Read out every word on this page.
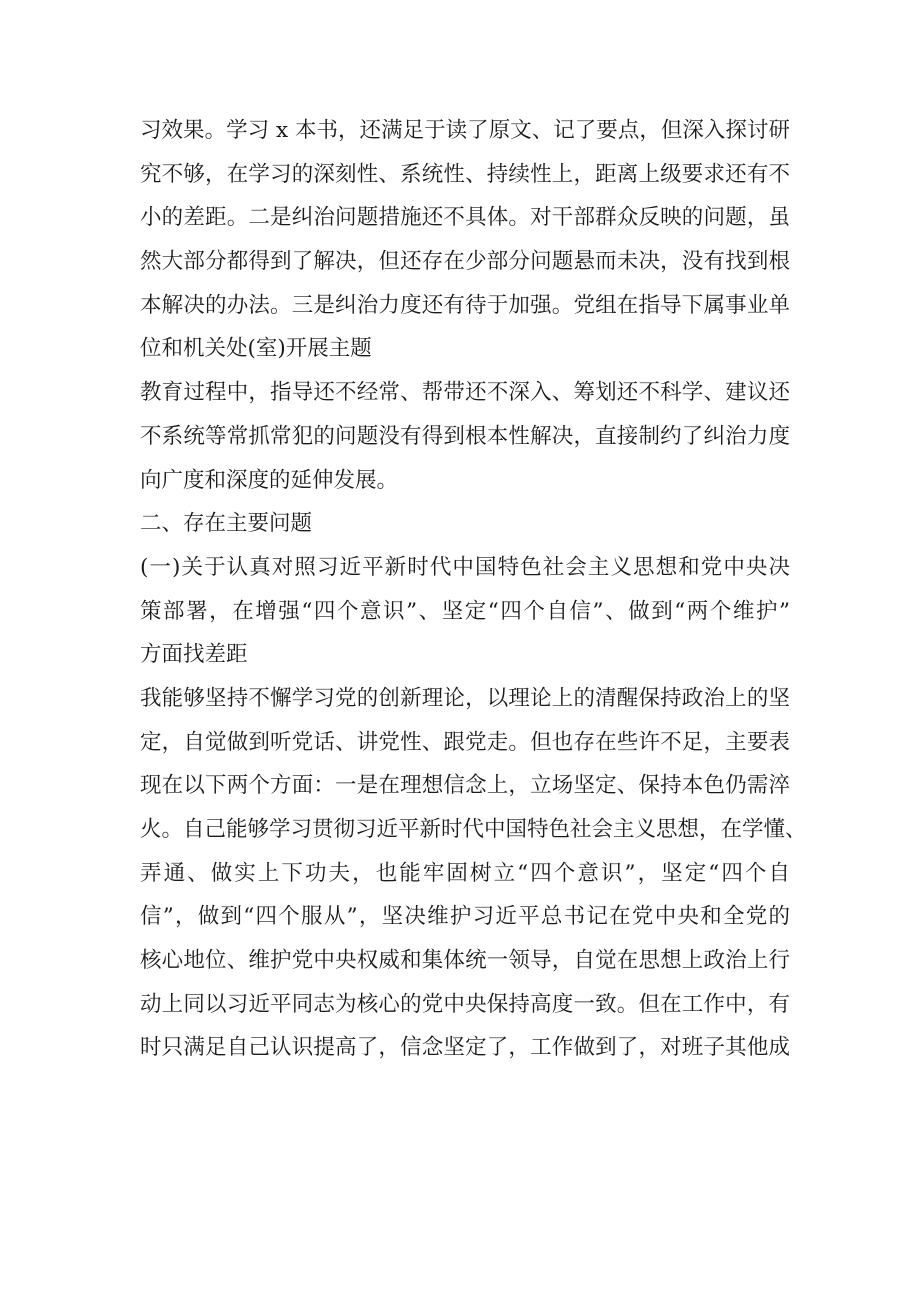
习效果。学习 x 本书，还满足于读了原文、记了要点，但深入探讨研
究不够，在学习的深刻性、系统性、持续性上，距离上级要求还有不
小的差距。二是纠治问题措施还不具体。对干部群众反映的问题，虽
然大部分都得到了解决，但还存在少部分问题悬而未决，没有找到根
本解决的办法。三是纠治力度还有待于加强。党组在指导下属事业单
位和机关处(室)开展主题
教育过程中，指导还不经常、帮带还不深入、筹划还不科学、建议还
不系统等常抓常犯的问题没有得到根本性解决，直接制约了纠治力度
向广度和深度的延伸发展。
二、存在主要问题
(一)关于认真对照习近平新时代中国特色社会主义思想和党中央决
策部署，在增强“四个意识”、坚定“四个自信”、做到“两个维护”
方面找差距
我能够坚持不懈学习党的创新理论，以理论上的清醒保持政治上的坚
定，自觉做到听党话、讲党性、跟党走。但也存在些许不足，主要表
现在以下两个方面：一是在理想信念上，立场坚定、保持本色仍需淬
火。自己能够学习贯彻习近平新时代中国特色社会主义思想，在学懂、
弄通、做实上下功夫，也能牢固树立“四个意识”，坚定“四个自
信”，做到“四个服从”，坚决维护习近平总书记在党中央和全党的
核心地位、维护党中央权威和集体统一领导，自觉在思想上政治上行
动上同以习近平同志为核心的党中央保持高度一致。但在工作中，有
时只满足自己认识提高了，信念坚定了，工作做到了，对班子其他成
